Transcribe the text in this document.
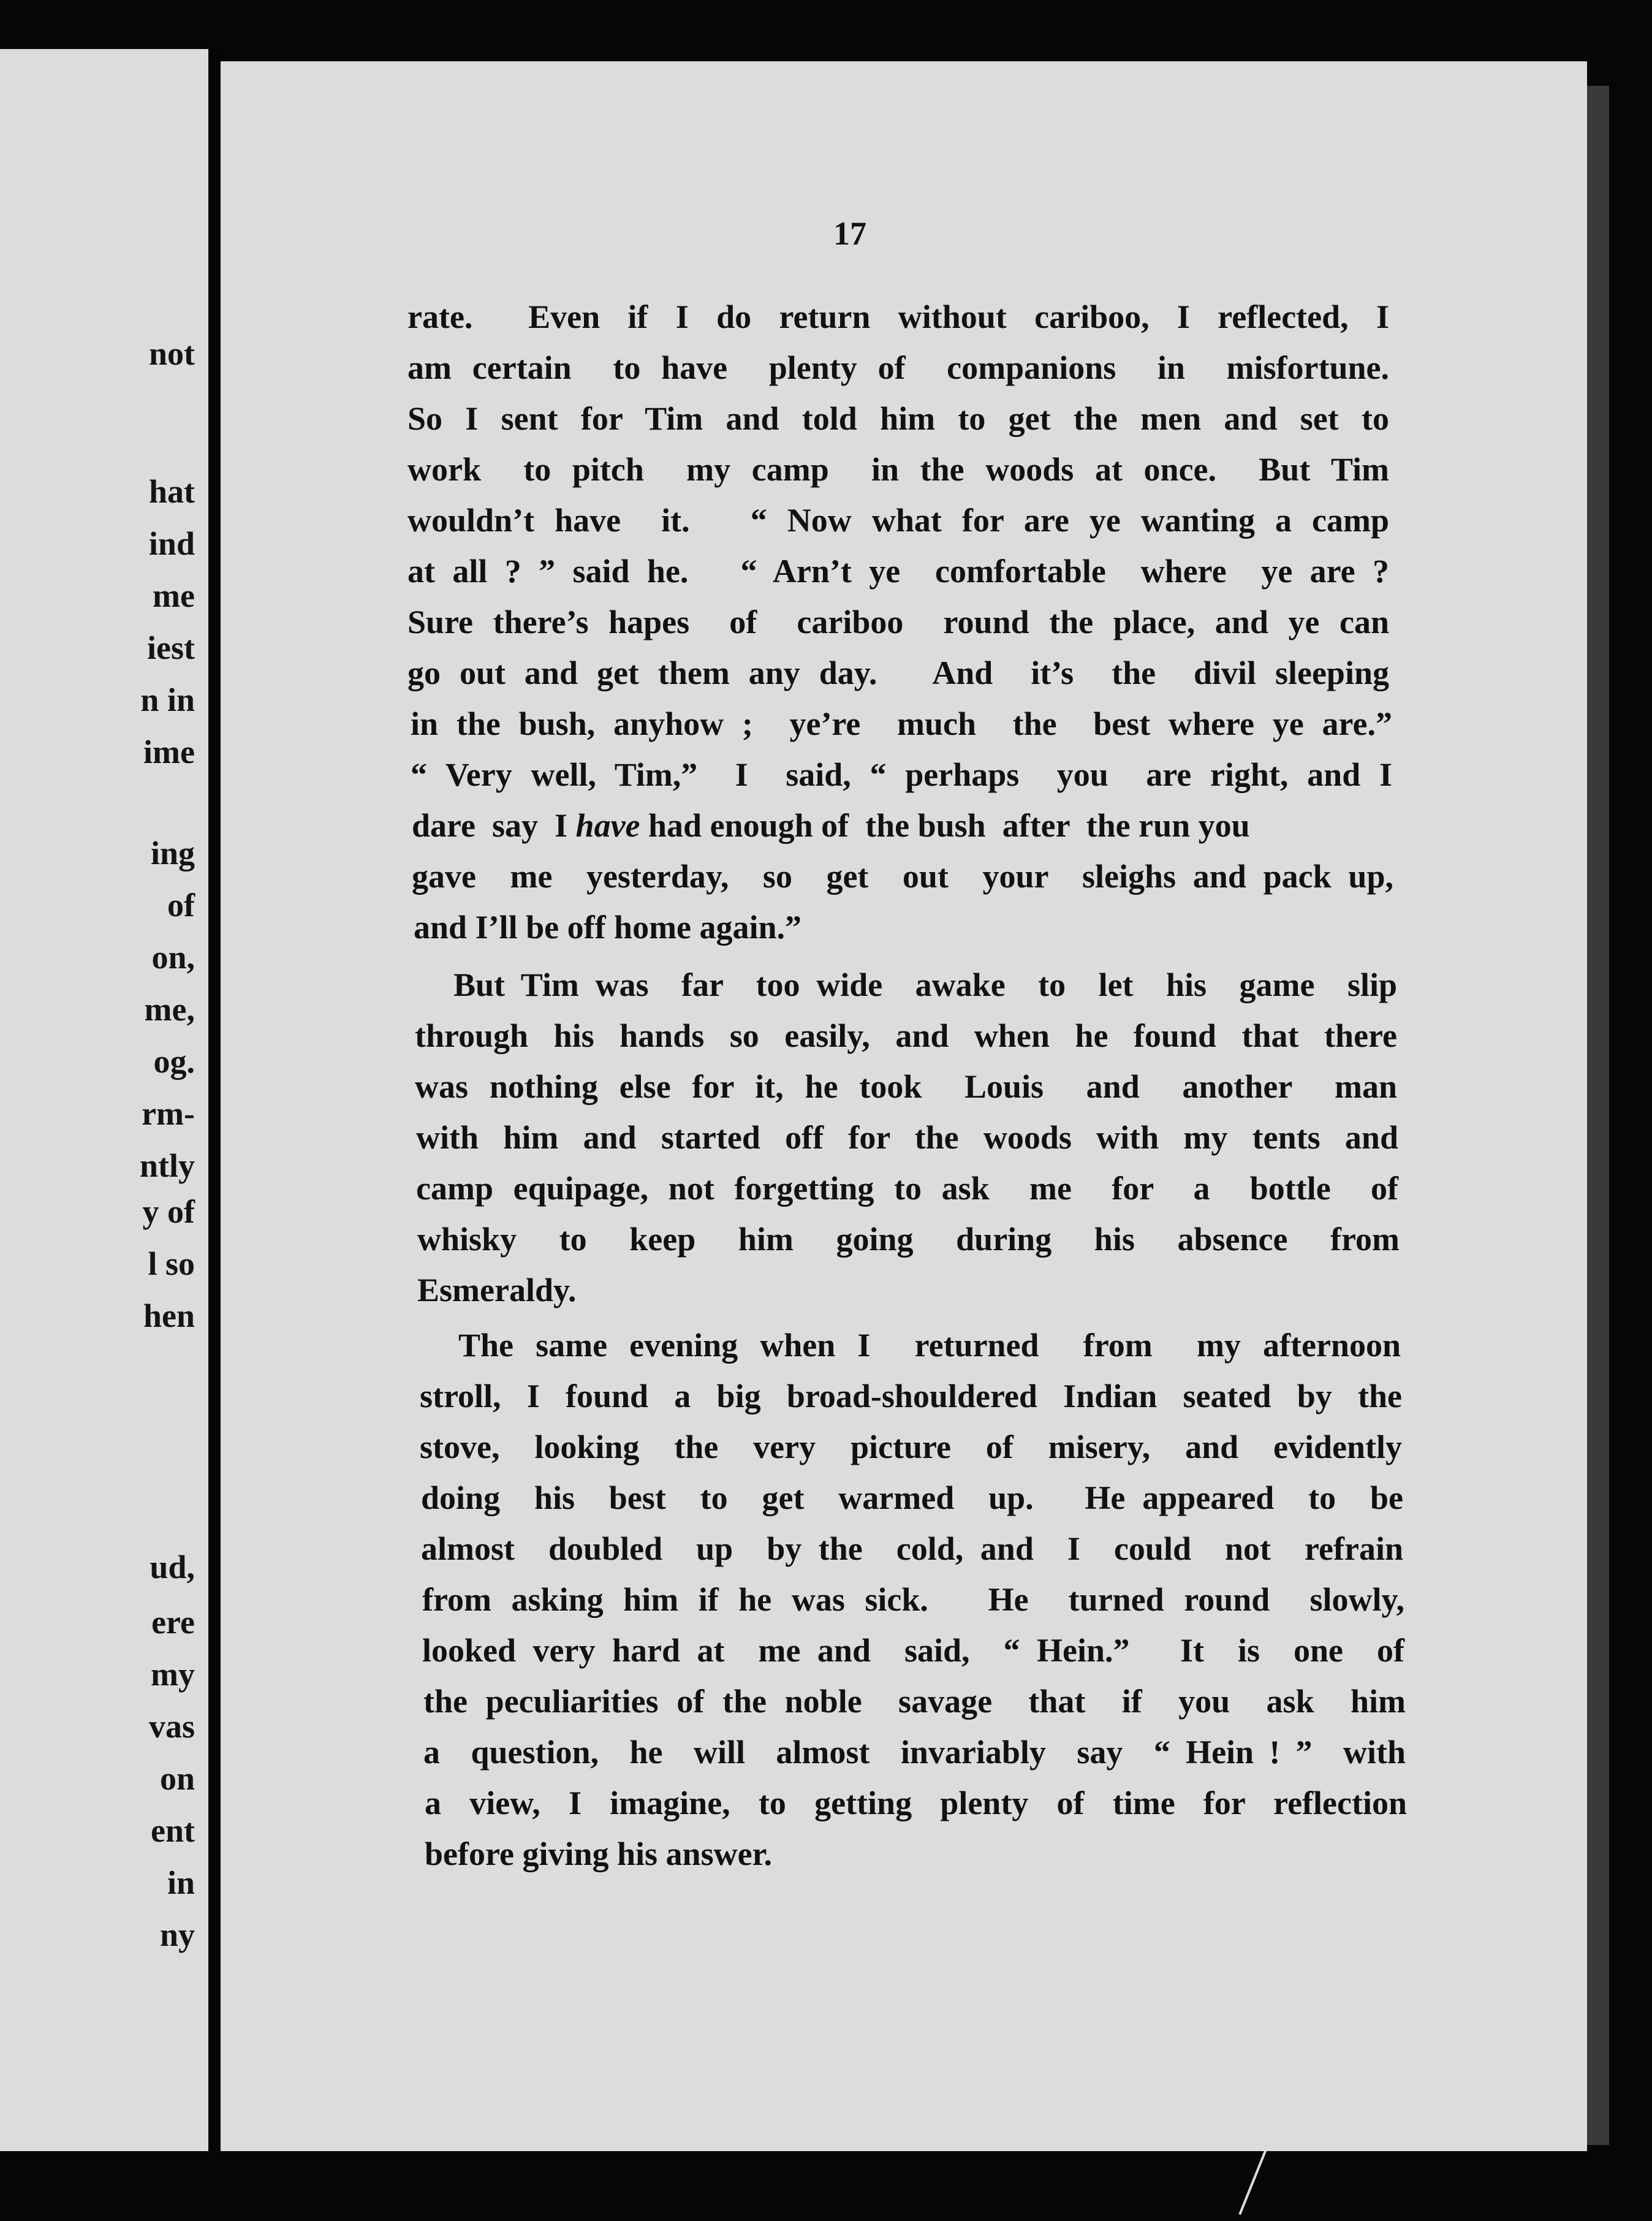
not
hat
ind
me
iest
n in
ime
ing
of
on,
me,
og.
rm-
ntly
y of
l so
hen
ud,
ere
my
vas
on
ent
in
ny
17
rate.  Even if I do return without cariboo, I reflected, I
am certain  to have  plenty of  companions  in  misfortune.
So I sent for Tim and told him to get the men and set to
work  to pitch  my camp  in the woods at once.  But Tim
wouldn’t have  it.   “ Now what for are ye wanting a camp
at all ? ” said he.   “ Arn’t ye  comfortable  where  ye are ?
Sure there’s hapes  of  cariboo  round the place, and ye can
go out and get them any day.   And  it’s  the  divil sleeping
in the bush, anyhow ;  ye’re  much  the  best where ye are.”
“ Very well, Tim,”  I  said, “ perhaps  you  are right, and I
dare  say  I have had enough of  the bush  after  the run you
gave  me  yesterday,  so  get  out  your  sleighs and pack up,
and I’ll be off home again.”
But Tim was  far  too wide  awake  to  let  his  game  slip
through his hands so easily, and when he found that there
was nothing else for it, he took  Louis  and  another  man
with him and started off for the woods with my tents and
camp equipage, not forgetting to ask  me  for  a  bottle  of
whisky  to  keep  him  going  during  his  absence  from
Esmeraldy.
The same evening when I  returned  from  my afternoon
stroll, I found a big broad-shouldered Indian seated by the
stove,  looking  the  very  picture  of  misery,  and  evidently
doing  his  best  to  get  warmed  up.   He appeared  to  be
almost  doubled  up  by the  cold, and  I  could  not  refrain
from asking him if he was sick.   He  turned round  slowly,
looked very hard at  me and  said,  “ Hein.”   It  is  one  of
the peculiarities of the noble  savage  that  if  you  ask  him
a  question,  he  will  almost  invariably  say  “ Hein ! ”  with
a view, I imagine, to getting plenty of time for reflection
before giving his answer.
